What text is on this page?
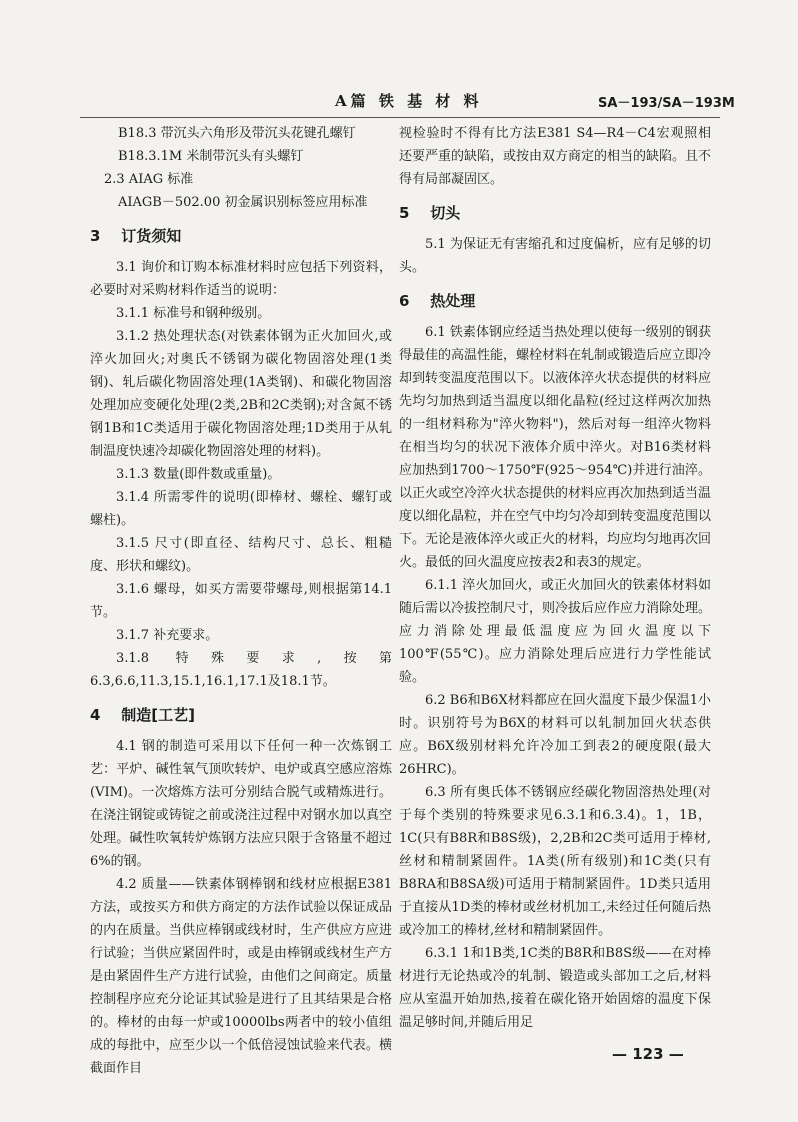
A篇 铁 基 材 料	SA－193/SA－193M

B18.3 带沉头六角形及带沉头花键孔螺钉

B18.3.1M 米制带沉头有头螺钉

2.3 AIAG 标准

AIAGB－502.00 初金属识别标签应用标准

3 订货须知

3.1 询价和订购本标准材料时应包括下列资料，必要时对采购材料作适当的说明：

3.1.1 标准号和钢种级别。

3.1.2 热处理状态(对铁素体钢为正火加回火,或淬火加回火;对奥氏不锈钢为碳化物固溶处理(1类钢)、轧后碳化物固溶处理(1A类钢)、和碳化物固溶处理加应变硬化处理(2类,2B和2C类钢);对含氮不锈钢1B和1C类适用于碳化物固溶处理;1D类用于从轧制温度快速冷却碳化物固溶处理的材料)。

3.1.3 数量(即件数或重量)。

3.1.4 所需零件的说明(即棒材、螺栓、螺钉或螺柱)。

3.1.5 尺寸(即直径、结构尺寸、总长、粗糙度、形状和螺纹)。

3.1.6 螺母，如买方需要带螺母,则根据第14.1节。

3.1.7 补充要求。

3.1.8 特殊要求,按第6.3,6.6,11.3,15.1,16.1,17.1及18.1节。

4 制造[工艺]

4.1 钢的制造可采用以下任何一种一次炼钢工艺：平炉、碱性氧气顶吹转炉、电炉或真空感应溶炼(VIM)。一次熔炼方法可分别结合脱气或精炼进行。在浇注钢锭或铸锭之前或浇注过程中对钢水加以真空处理。碱性吹氧转炉炼钢方法应只限于含铬量不超过6%的钢。

4.2 质量——铁素体钢棒钢和线材应根据E381方法，或按买方和供方商定的方法作试验以保证成品的内在质量。当供应棒钢或线材时，生产供应方应进行试验；当供应紧固件时，或是由棒钢或线材生产方是由紧固件生产方进行试验，由他们之间商定。质量控制程序应充分论证其试验是进行了且其结果是合格的。棒材的由每一炉或10000lbs两者中的较小值组成的每批中，应至少以一个低倍浸蚀试验来代表。横截面作目

视检验时不得有比方法E381 S4—R4－C4宏观照相还要严重的缺陷，或按由双方商定的相当的缺陷。且不得有局部凝固区。

5 切头

5.1 为保证无有害缩孔和过度偏析，应有足够的切头。

6 热处理

6.1 铁素体钢应经适当热处理以使每一级别的钢获得最佳的高温性能，螺栓材料在轧制或锻造后应立即冷却到转变温度范围以下。以液体淬火状态提供的材料应先均匀加热到适当温度以细化晶粒(经过这样两次加热的一组材料称为"淬火物料")，然后对每一组淬火物料在相当均匀的状况下液体介质中淬火。对B16类材料应加热到1700～1750℉(925～954℃)并进行油淬。以正火或空冷淬火状态提供的材料应再次加热到适当温度以细化晶粒，并在空气中均匀冷却到转变温度范围以下。无论是液体淬火或正火的材料，均应均匀地再次回火。最低的回火温度应按表2和表3的规定。

6.1.1 淬火加回火，或正火加回火的铁素体材料如随后需以冷拔控制尺寸，则冷拔后应作应力消除处理。应力消除处理最低温度应为回火温度以下100℉(55℃)。应力消除处理后应进行力学性能试验。

6.2 B6和B6X材料都应在回火温度下最少保温1小时。识别符号为B6X的材料可以轧制加回火状态供应。B6X级别材料允许冷加工到表2的硬度限(最大26HRC)。

6.3 所有奥氏体不锈钢应经碳化物固溶热处理(对于每个类别的特殊要求见6.3.1和6.3.4)。1，1B，1C(只有B8R和B8S级)，2,2B和2C类可适用于棒材,丝材和精制紧固件。1A类(所有级别)和1C类(只有B8RA和B8SA级)可适用于精制紧固件。1D类只适用于直接从1D类的棒材或丝材机加工,未经过任何随后热或冷加工的棒材,丝材和精制紧固件。

6.3.1 1和1B类,1C类的B8R和B8S级——在对棒材进行无论热或冷的轧制、锻造或头部加工之后,材料应从室温开始加热,接着在碳化铬开始固熔的温度下保温足够时间,并随后用足

— 123 —
